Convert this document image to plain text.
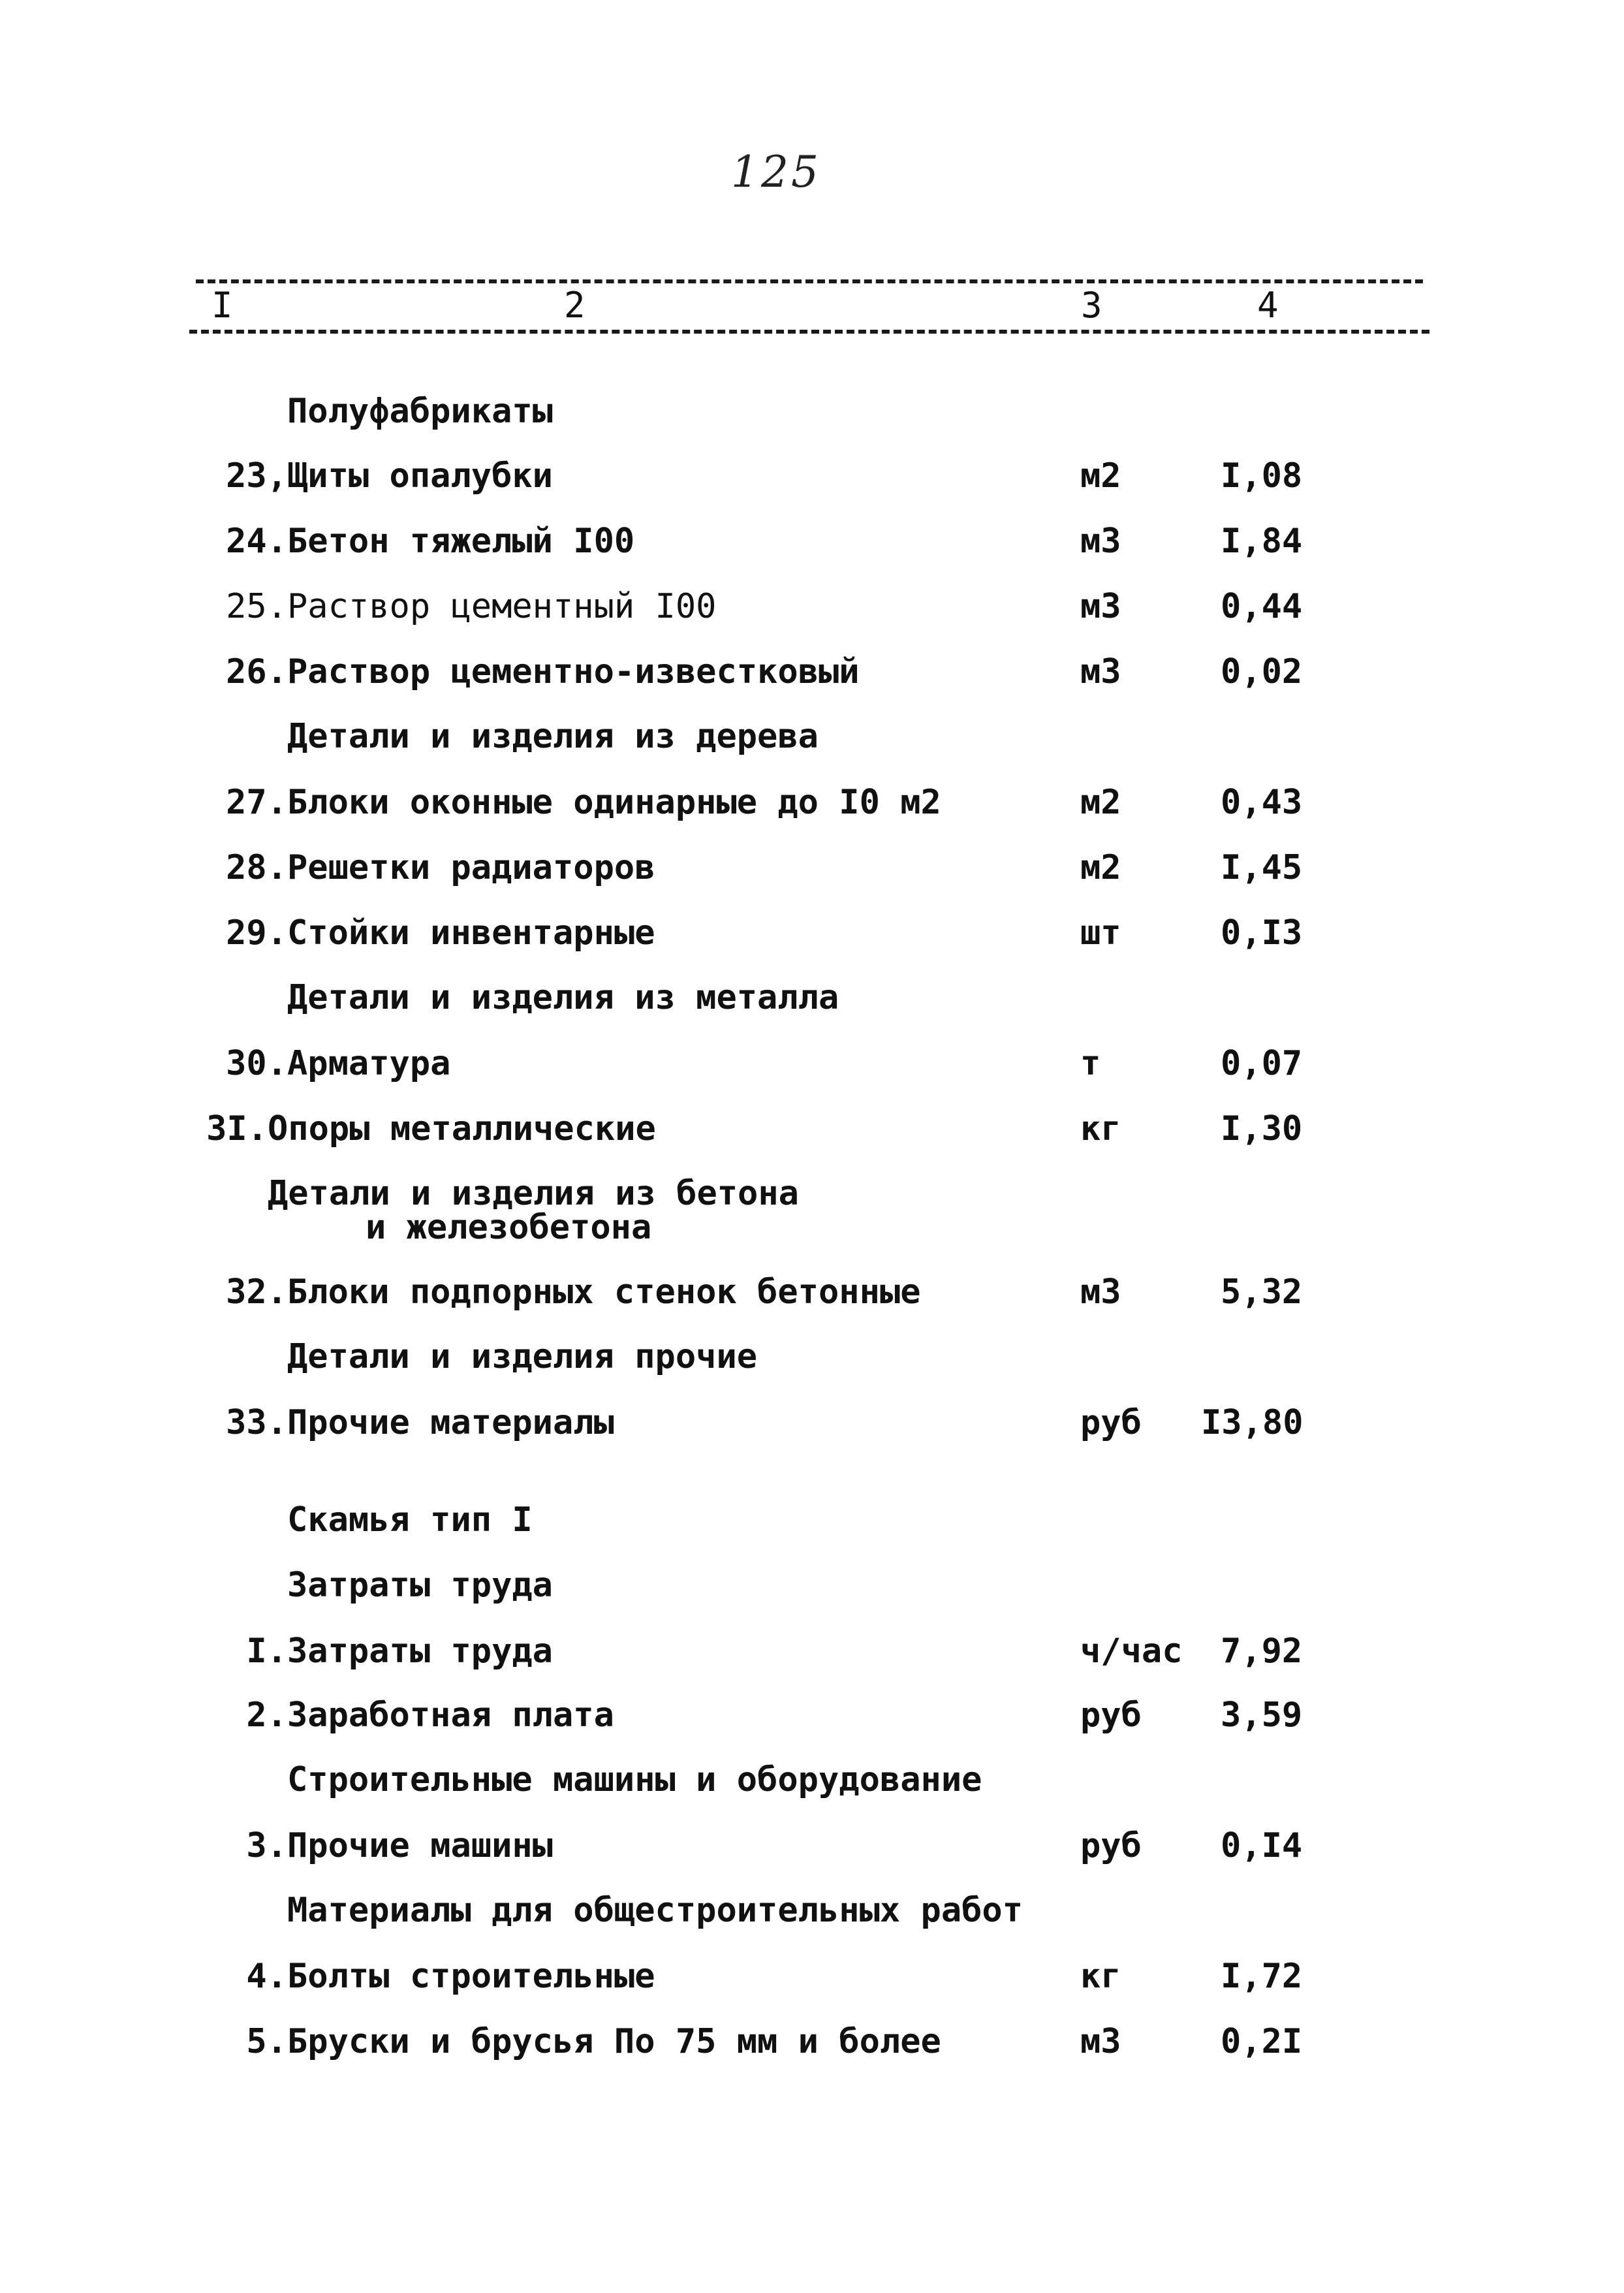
125
I	2	3	4
Полуфабрикаты
23, Щиты опалубки	м2	I,08
24. Бетон тяжелый I00	м3	I,84
25. Раствор цементный I00	м3	0,44
26. Раствор цементно-известковый	м3	0,02
Детали и изделия из дерева
27. Блоки оконные одинарные до I0 м2	м2	0,43
28. Решетки радиаторов	м2	I,45
29. Стойки инвентарные	шт	0,I3
Детали и изделия из металла
30. Арматура	т	0,07
3I. Опоры металлические	кг	I,30
Детали и изделия из бетона
и железобетона
32. Блоки подпорных стенок бетонные	м3	5,32
Детали и изделия прочие
33. Прочие материалы	руб I3,80
Скамья тип I
Затраты труда
I. Затраты труда	ч/час 7,92
2. Заработная плата	руб 3,59
Строительные машины и оборудование
3. Прочие машины	руб 0,I4
Материалы для общестроительных работ
4. Болты строительные	кг	I,72
5. Бруски и брусья По 75 мм и более	м3	0,2I
